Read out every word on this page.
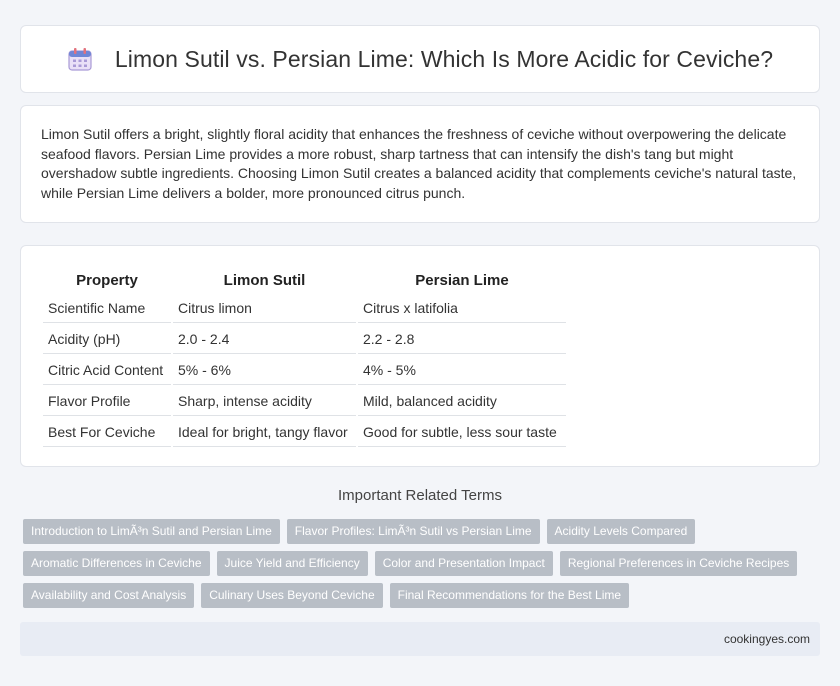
Limon Sutil vs. Persian Lime: Which Is More Acidic for Ceviche?

Limon Sutil offers a bright, slightly floral acidity that enhances the freshness of ceviche without overpowering the delicate seafood flavors. Persian Lime provides a more robust, sharp tartness that can intensify the dish's tang but might overshadow subtle ingredients. Choosing Limon Sutil creates a balanced acidity that complements ceviche's natural taste, while Persian Lime delivers a bolder, more pronounced citrus punch.

Property	Limon Sutil	Persian Lime
Scientific Name	Citrus limon	Citrus x latifolia
Acidity (pH)	2.0 - 2.4	2.2 - 2.8
Citric Acid Content	5% - 6%	4% - 5%
Flavor Profile	Sharp, intense acidity	Mild, balanced acidity
Best For Ceviche	Ideal for bright, tangy flavor	Good for subtle, less sour taste
Important Related Terms
Introduction to LimÃ³n Sutil and Persian Lime	Flavor Profiles: LimÃ³n Sutil vs Persian Lime	Acidity Levels Compared
Aromatic Differences in Ceviche	Juice Yield and Efficiency	Color and Presentation Impact	Regional Preferences in Ceviche Recipes
Availability and Cost Analysis	Culinary Uses Beyond Ceviche	Final Recommendations for the Best Lime
cookingyes.com
